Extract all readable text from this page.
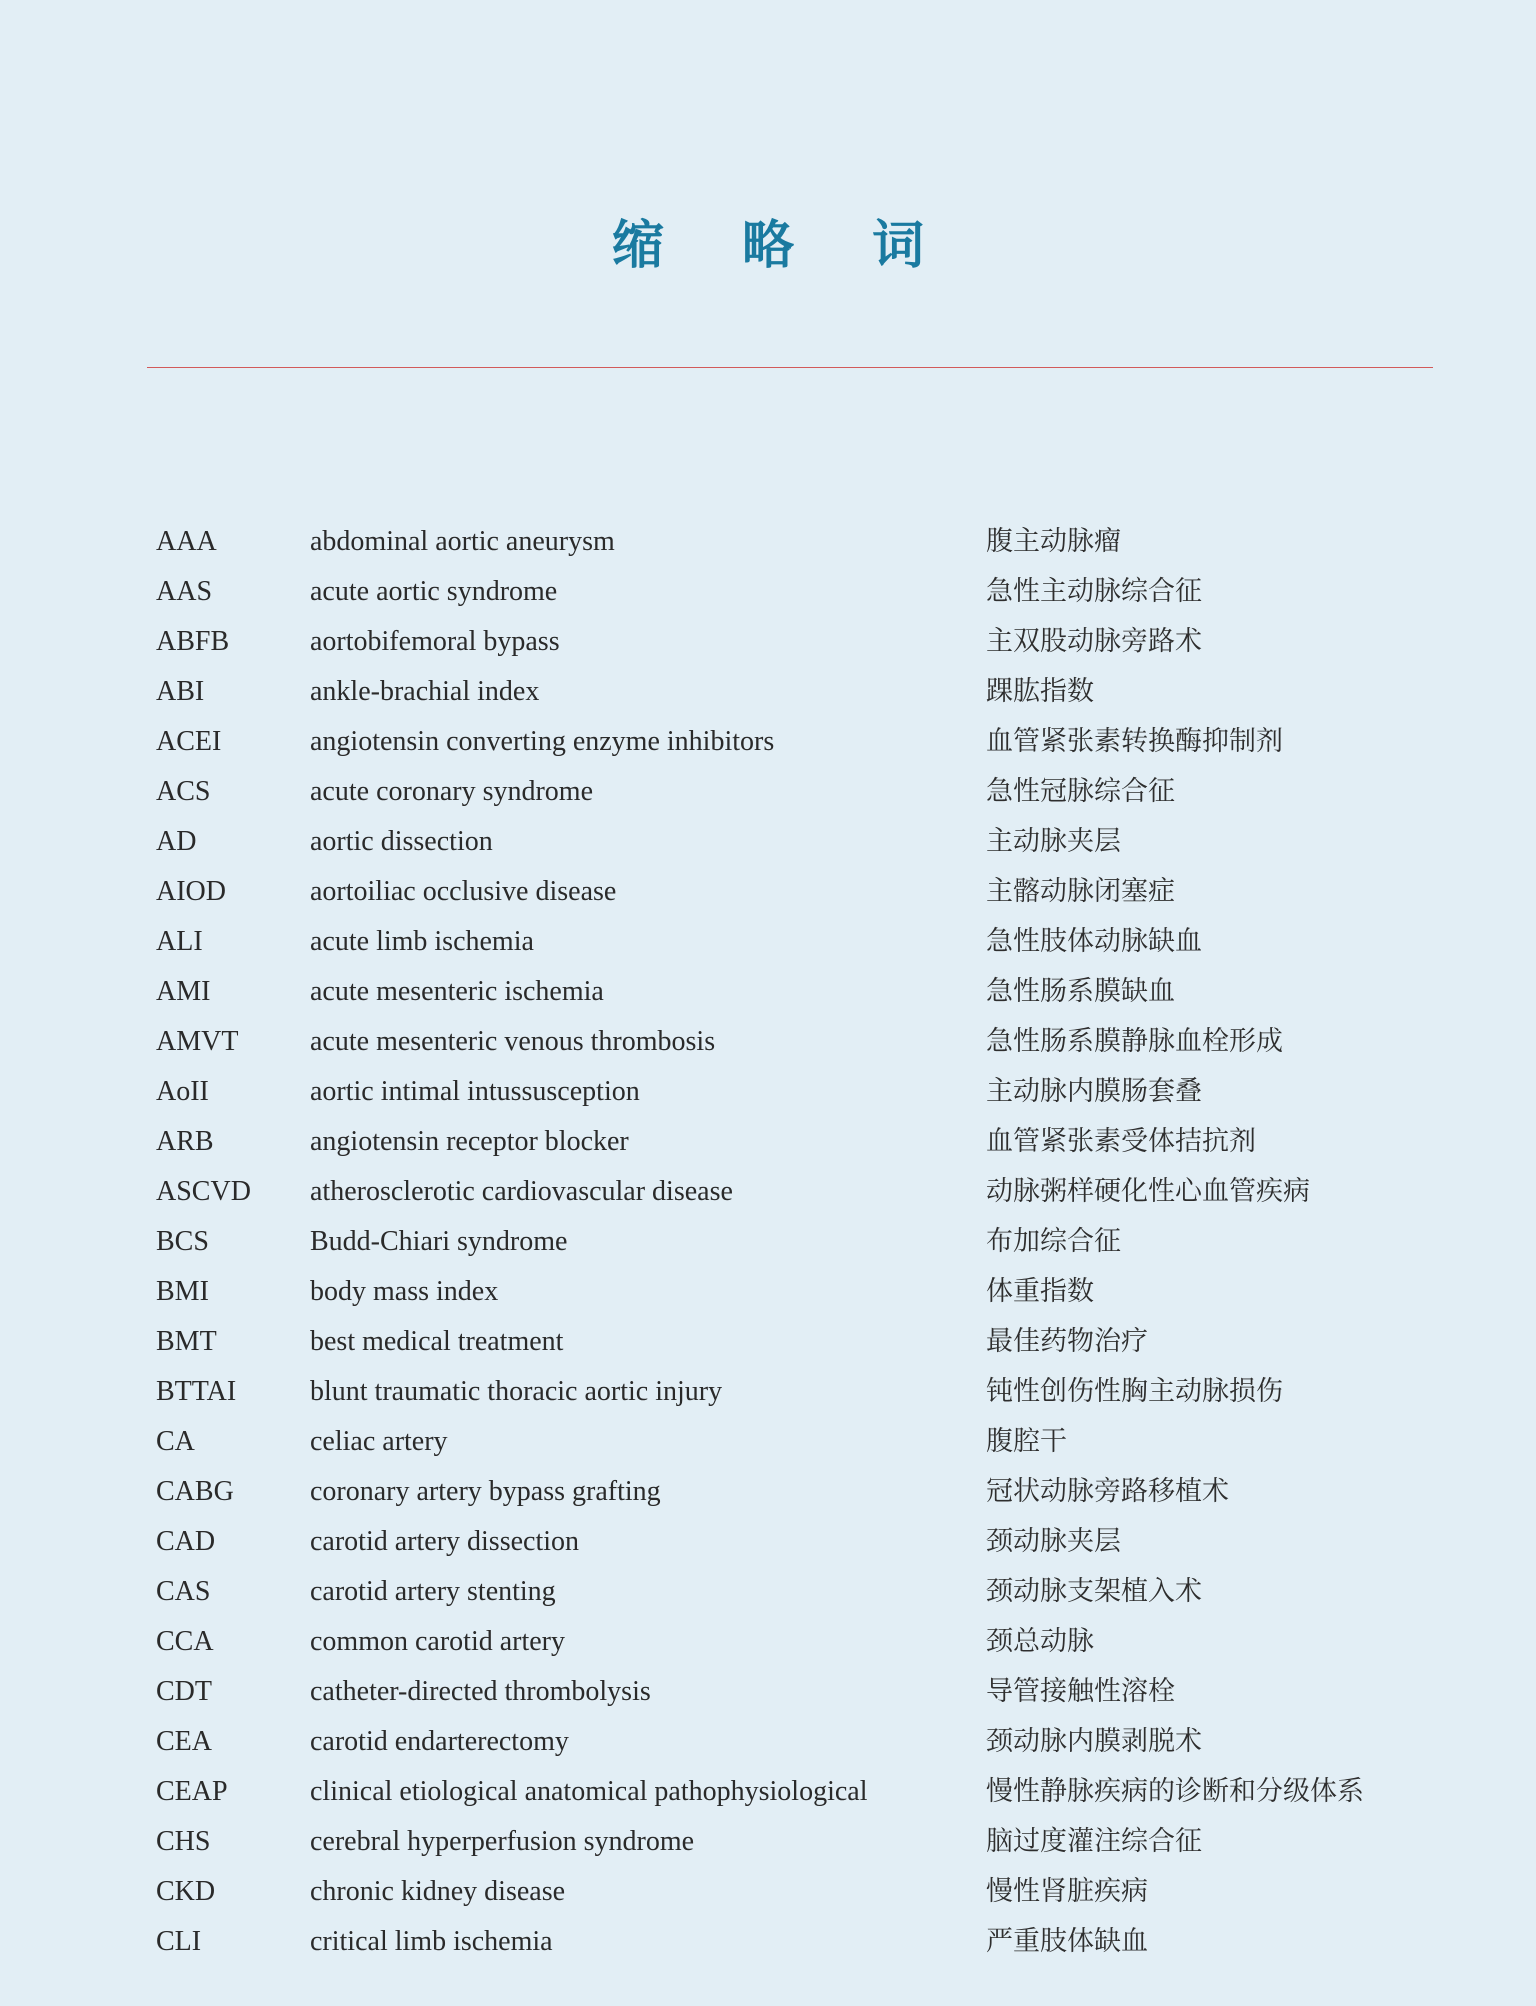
缩 略 词
AAA	abdominal aortic aneurysm	腹主动脉瘤
AAS	acute aortic syndrome	急性主动脉综合征
ABFB	aortobifemoral bypass	主双股动脉旁路术
ABI	ankle-brachial index	踝肱指数
ACEI	angiotensin converting enzyme inhibitors	血管紧张素转换酶抑制剂
ACS	acute coronary syndrome	急性冠脉综合征
AD	aortic dissection	主动脉夹层
AIOD	aortoiliac occlusive disease	主髂动脉闭塞症
ALI	acute limb ischemia	急性肢体动脉缺血
AMI	acute mesenteric ischemia	急性肠系膜缺血
AMVT	acute mesenteric venous thrombosis	急性肠系膜静脉血栓形成
AoII	aortic intimal intussusception	主动脉内膜肠套叠
ARB	angiotensin receptor blocker	血管紧张素受体拮抗剂
ASCVD atherosclerotic cardiovascular disease	动脉粥样硬化性心血管疾病
BCS	Budd-Chiari syndrome	布加综合征
BMI	body mass index	体重指数
BMT	best medical treatment	最佳药物治疗
BTTAI	blunt traumatic thoracic aortic injury	钝性创伤性胸主动脉损伤
CA	celiac artery	腹腔干
CABG	coronary artery bypass grafting	冠状动脉旁路移植术
CAD	carotid artery dissection	颈动脉夹层
CAS	carotid artery stenting	颈动脉支架植入术
CCA	common carotid artery	颈总动脉
CDT	catheter-directed thrombolysis	导管接触性溶栓
CEA	carotid endarterectomy	颈动脉内膜剥脱术
CEAP	clinical etiological anatomical pathophysiological	慢性静脉疾病的诊断和分级体系
CHS	cerebral hyperperfusion syndrome	脑过度灌注综合征
CKD	chronic kidney disease	慢性肾脏疾病
CLI	critical limb ischemia	严重肢体缺血
